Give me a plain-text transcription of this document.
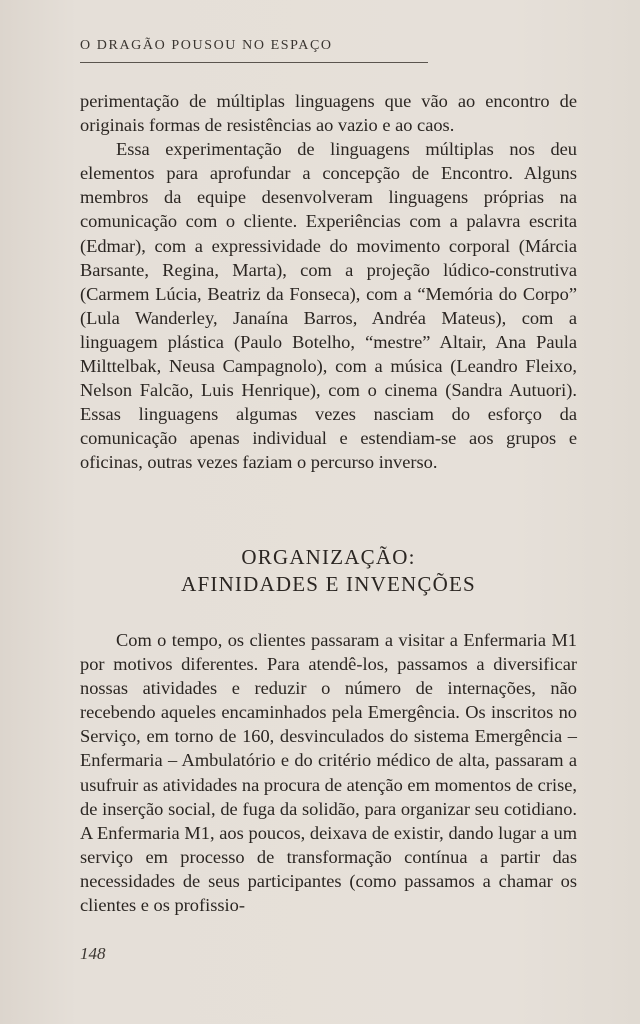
O DRAGÃO POUSOU NO ESPAÇO

perimentação de múltiplas linguagens que vão ao encontro de originais formas de resistências ao vazio e ao caos.

Essa experimentação de linguagens múltiplas nos deu elementos para aprofundar a concepção de Encontro. Alguns membros da equipe desenvolveram linguagens próprias na comunicação com o cliente. Experiências com a palavra escrita (Edmar), com a expressividade do movimento corporal (Márcia Barsante, Regina, Marta), com a projeção lúdico-construtiva (Carmem Lúcia, Beatriz da Fonseca), com a “Memória do Corpo” (Lula Wanderley, Janaína Barros, Andréa Mateus), com a linguagem plástica (Paulo Botelho, “mestre” Altair, Ana Paula Milttelbak, Neusa Campagnolo), com a música (Leandro Fleixo, Nelson Falcão, Luis Henrique), com o cinema (Sandra Autuori). Essas linguagens algumas vezes nasciam do esforço da comunicação apenas individual e estendiam-se aos grupos e oficinas, outras vezes faziam o percurso inverso.

ORGANIZAÇÃO:
AFINIDADES E INVENÇÕES

Com o tempo, os clientes passaram a visitar a Enfermaria M1 por motivos diferentes. Para atendê-los, passamos a diversificar nossas atividades e reduzir o número de internações, não recebendo aqueles encaminhados pela Emergência. Os inscritos no Serviço, em torno de 160, desvinculados do sistema Emergência – Enfermaria – Ambulatório e do critério médico de alta, passaram a usufruir as atividades na procura de atenção em momentos de crise, de inserção social, de fuga da solidão, para organizar seu cotidiano. A Enfermaria M1, aos poucos, deixava de existir, dando lugar a um serviço em processo de transformação contínua a partir das necessidades de seus participantes (como passamos a chamar os clientes e os profissio-

148
